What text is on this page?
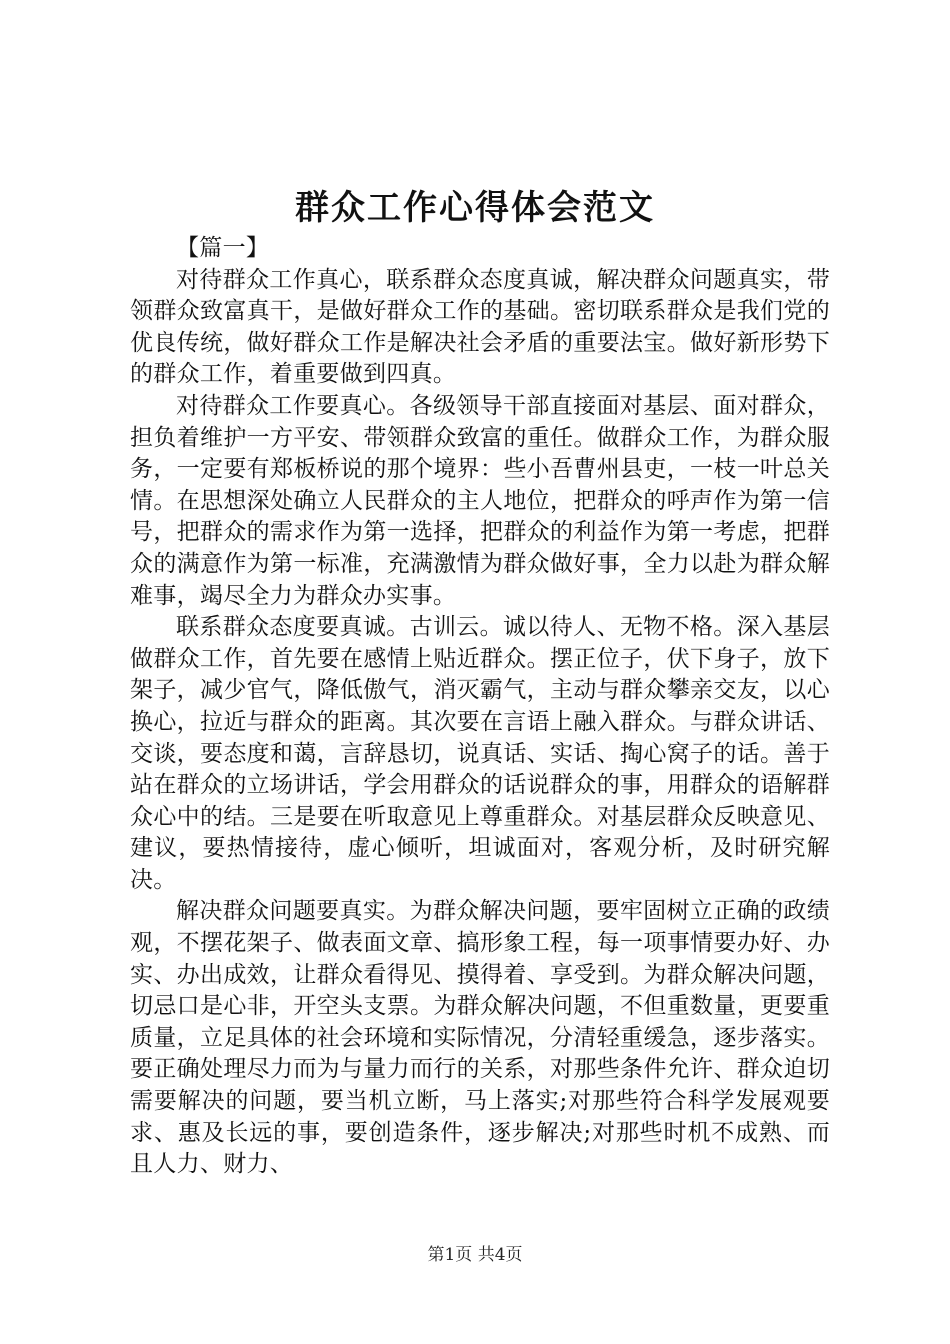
群众工作心得体会范文

【篇一】

对待群众工作真心，联系群众态度真诚，解决群众问题真实，带领群众致富真干，是做好群众工作的基础。密切联系群众是我们党的优良传统，做好群众工作是解决社会矛盾的重要法宝。做好新形势下的群众工作，着重要做到四真。

对待群众工作要真心。各级领导干部直接面对基层、面对群众，担负着维护一方平安、带领群众致富的重任。做群众工作，为群众服务，一定要有郑板桥说的那个境界：些小吾曹州县吏，一枝一叶总关情。在思想深处确立人民群众的主人地位，把群众的呼声作为第一信号，把群众的需求作为第一选择，把群众的利益作为第一考虑，把群众的满意作为第一标准，充满激情为群众做好事，全力以赴为群众解难事，竭尽全力为群众办实事。

联系群众态度要真诚。古训云。诚以待人、无物不格。深入基层做群众工作，首先要在感情上贴近群众。摆正位子，伏下身子，放下架子，减少官气，降低傲气，消灭霸气，主动与群众攀亲交友，以心换心，拉近与群众的距离。其次要在言语上融入群众。与群众讲话、交谈，要态度和蔼，言辞恳切，说真话、实话、掏心窝子的话。善于站在群众的立场讲话，学会用群众的话说群众的事，用群众的语解群众心中的结。三是要在听取意见上尊重群众。对基层群众反映意见、建议，要热情接待，虚心倾听，坦诚面对，客观分析，及时研究解决。

解决群众问题要真实。为群众解决问题，要牢固树立正确的政绩观，不摆花架子、做表面文章、搞形象工程，每一项事情要办好、办实、办出成效，让群众看得见、摸得着、享受到。为群众解决问题，切忌口是心非，开空头支票。为群众解决问题，不但重数量，更要重质量，立足具体的社会环境和实际情况，分清轻重缓急，逐步落实。要正确处理尽力而为与量力而行的关系，对那些条件允许、群众迫切需要解决的问题，要当机立断，马上落实;对那些符合科学发展观要求、惠及长远的事，要创造条件，逐步解决;对那些时机不成熟、而且人力、财力、

第1页 共4页
